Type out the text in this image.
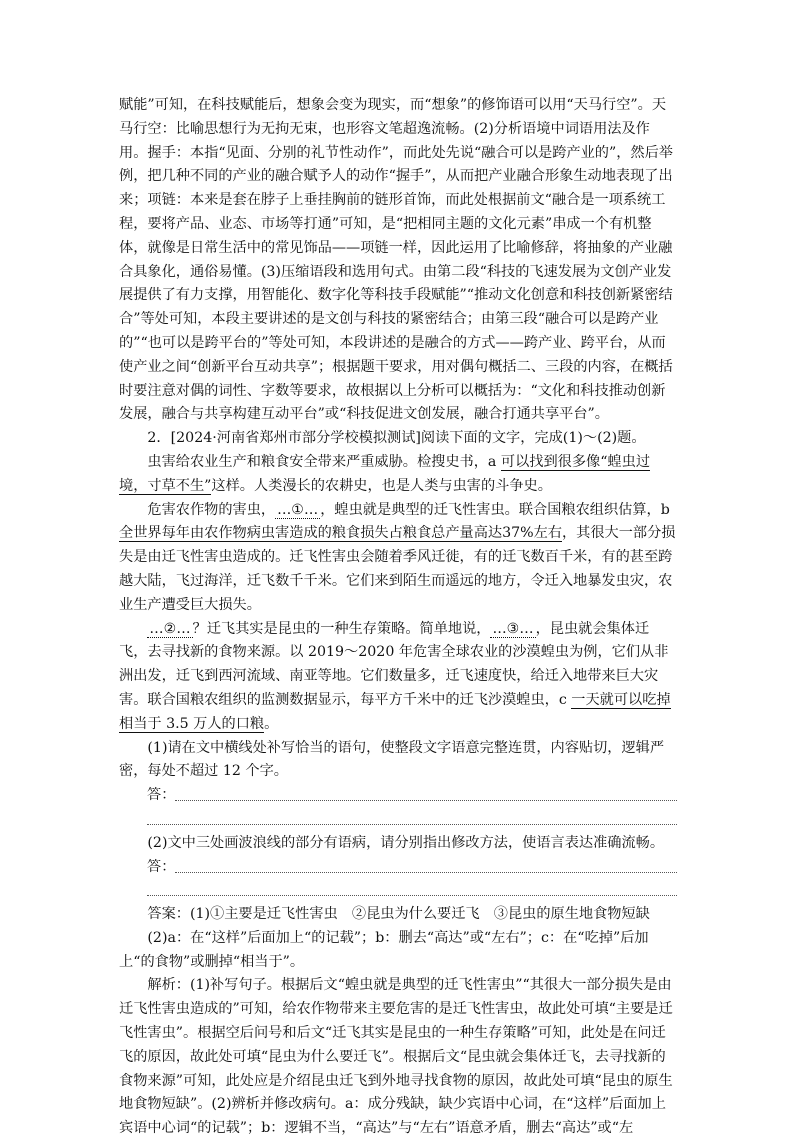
赋能”可知，在科技赋能后，想象会变为现实，而“想象”的修饰语可以用“天马行空”。天马行空：比喻思想行为无拘无束，也形容文笔超逸流畅。(2)分析语境中词语用法及作用。握手：本指“见面、分别的礼节性动作”，而此处先说“融合可以是跨产业的”，然后举例，把几种不同的产业的融合赋予人的动作“握手”，从而把产业融合形象生动地表现了出来；项链：本来是套在脖子上垂挂胸前的链形首饰，而此处根据前文“融合是一项系统工程，要将产品、业态、市场等打通”可知，是“把相同主题的文化元素”串成一个有机整体，就像是日常生活中的常见饰品——项链一样，因此运用了比喻修辞，将抽象的产业融合具象化，通俗易懂。(3)压缩语段和选用句式。由第二段“科技的飞速发展为文创产业发展提供了有力支撑，用智能化、数字化等科技手段赋能”“推动文化创意和科技创新紧密结合”等处可知，本段主要讲述的是文创与科技的紧密结合；由第三段“融合可以是跨产业的”“也可以是跨平台的”等处可知，本段讲述的是融合的方式——跨产业、跨平台，从而使产业之间“创新平台互动共享”；根据题干要求，用对偶句概括二、三段的内容，在概括时要注意对偶的词性、字数等要求，故根据以上分析可以概括为：“文化和科技推动创新发展，融合与共享构建互动平台”或“科技促进文创发展，融合打通共享平台”。

2．[2024·河南省郑州市部分学校模拟测试]阅读下面的文字，完成(1)～(2)题。

虫害给农业生产和粮食安全带来严重威胁。检搜史书，a 可以找到很多像“蝗虫过境，寸草不生”这样。人类漫长的农耕史，也是人类与虫害的斗争史。

危害农作物的害虫， …①… ，蝗虫就是典型的迁飞性害虫。联合国粮农组织估算，b 全世界每年由农作物病虫害造成的粮食损失占粮食总产量高达37%左右，其很大一部分损失是由迁飞性害虫造成的。迁飞性害虫会随着季风迁徙，有的迁飞数百千米，有的甚至跨越大陆，飞过海洋，迁飞数千千米。它们来到陌生而遥远的地方，令迁入地暴发虫灾，农业生产遭受巨大损失。

…②… ？迁飞其实是昆虫的一种生存策略。简单地说， …③… ，昆虫就会集体迁飞，去寻找新的食物来源。以 2019～2020 年危害全球农业的沙漠蝗虫为例，它们从非洲出发，迁飞到西河流域、南亚等地。它们数量多，迁飞速度快，给迁入地带来巨大灾害。联合国粮农组织的监测数据显示，每平方千米中的迁飞沙漠蝗虫，c 一天就可以吃掉相当于 3.5 万人的口粮。

(1)请在文中横线处补写恰当的语句，使整段文字语意完整连贯，内容贴切，逻辑严密，每处不超过 12 个字。

答：

(2)文中三处画波浪线的部分有语病，请分别指出修改方法，使语言表达准确流畅。

答：

答案：(1)①主要是迁飞性害虫　②昆虫为什么要迁飞　③昆虫的原生地食物短缺

(2)a：在“这样”后面加上“的记载”；b：删去“高达”或“左右”；c：在“吃掉”后加上“的食物”或删掉“相当于”。

解析：(1)补写句子。根据后文“蝗虫就是典型的迁飞性害虫”“其很大一部分损失是由迁飞性害虫造成的”可知，给农作物带来主要危害的是迁飞性害虫，故此处可填“主要是迁飞性害虫”。根据空后问号和后文“迁飞其实是昆虫的一种生存策略”可知，此处是在问迁飞的原因，故此处可填“昆虫为什么要迁飞”。根据后文“昆虫就会集体迁飞，去寻找新的食物来源”可知，此处应是介绍昆虫迁飞到外地寻找食物的原因，故此处可填“昆虫的原生地食物短缺”。(2)辨析并修改病句。a：成分残缺，缺少宾语中心词，在“这样”后面加上宾语中心词“的记载”；b：逻辑不当，“高达”与“左右”语意矛盾，删去“高达”或“左
